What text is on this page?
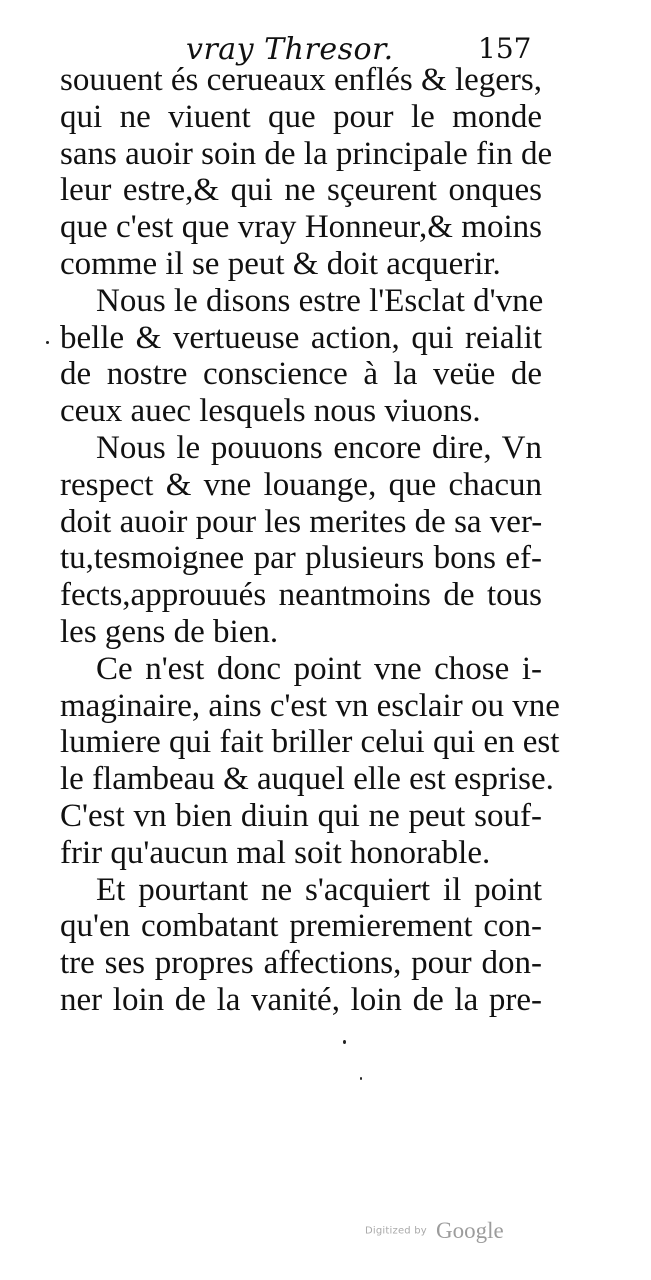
vray Thresor.	157
souuent és cerueaux enflés & legers,
qui ne viuent que pour le monde
sans auoir soin de la principale fin de
leur estre,& qui ne sçeurent onques
que c'est que vray Honneur,& moins
comme il se peut & doit acquerir.
Nous le disons estre l'Esclat d'vne
belle & vertueuse action, qui reialit
de nostre conscience à la veüe de
ceux auec lesquels nous viuons.
Nous le pouuons encore dire, Vn
respect & vne louange, que chacun
doit auoir pour les merites de sa ver-
tu,tesmoignee par plusieurs bons ef-
fects,approuués neantmoins de tous
les gens de bien.
Ce n'est donc point vne chose i-
maginaire, ains c'est vn esclair ou vne
lumiere qui fait briller celui qui en est
le flambeau & auquel elle est esprise.
C'est vn bien diuin qui ne peut souf-
frir qu'aucun mal soit honorable.
Et pourtant ne s'acquiert il point
qu'en combatant premierement con-
tre ses propres affections, pour don-
ner loin de la vanité, loin de la pre-
Digitized by Google
